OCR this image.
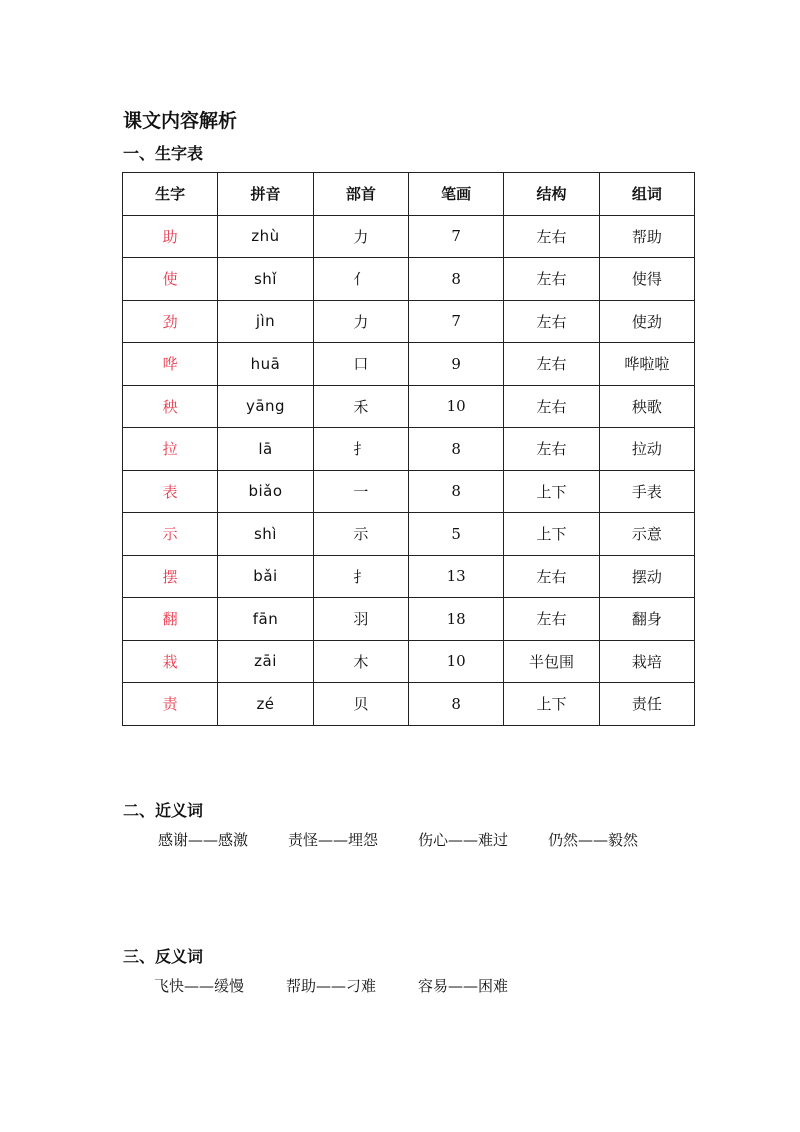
课文内容解析
一、生字表
生字	拼音	部首	笔画	结构	组词
助	zhù	力	7	左右	帮助
使	shǐ	亻	8	左右	使得
劲	jìn	力	7	左右	使劲
哗	huā	口	9	左右	哗啦啦
秧	yāng	禾	10	左右	秧歌
拉	lā	扌	8	左右	拉动
表	biǎo	一	8	上下	手表
示	shì	示	5	上下	示意
摆	bǎi	扌	13	左右	摆动
翻	fān	羽	18	左右	翻身
栽	zāi	木	10	半包围	栽培
责	zé	贝	8	上下	责任
二、近义词
感谢——感激	责怪——埋怨	伤心——难过	仍然——毅然
三、反义词
飞快——缓慢	帮助——刁难	容易——困难
